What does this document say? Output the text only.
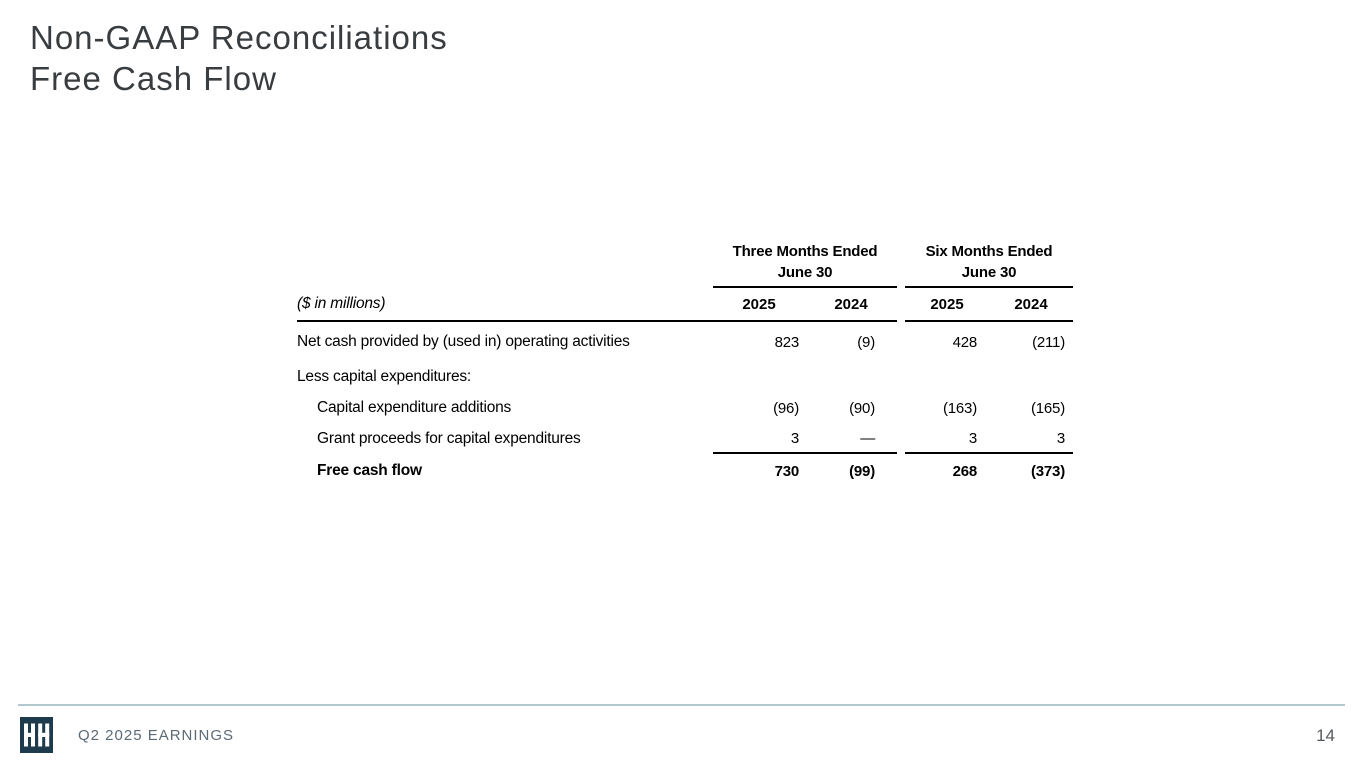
Non-GAAP Reconciliations
Free Cash Flow
Three Months Ended
June 30
Six Months Ended
June 30
($ in millions)	2025	2024	2025	2024
Net cash provided by (used in) operating activities	823	(9)	428	(211)
Less capital expenditures:
Capital expenditure additions	(96)	(90)	(163)	(165)
Grant proceeds for capital expenditures	3	—	3	3
Free cash flow	730	(99)	268	(373)
Q2 2025 EARNINGS	14
